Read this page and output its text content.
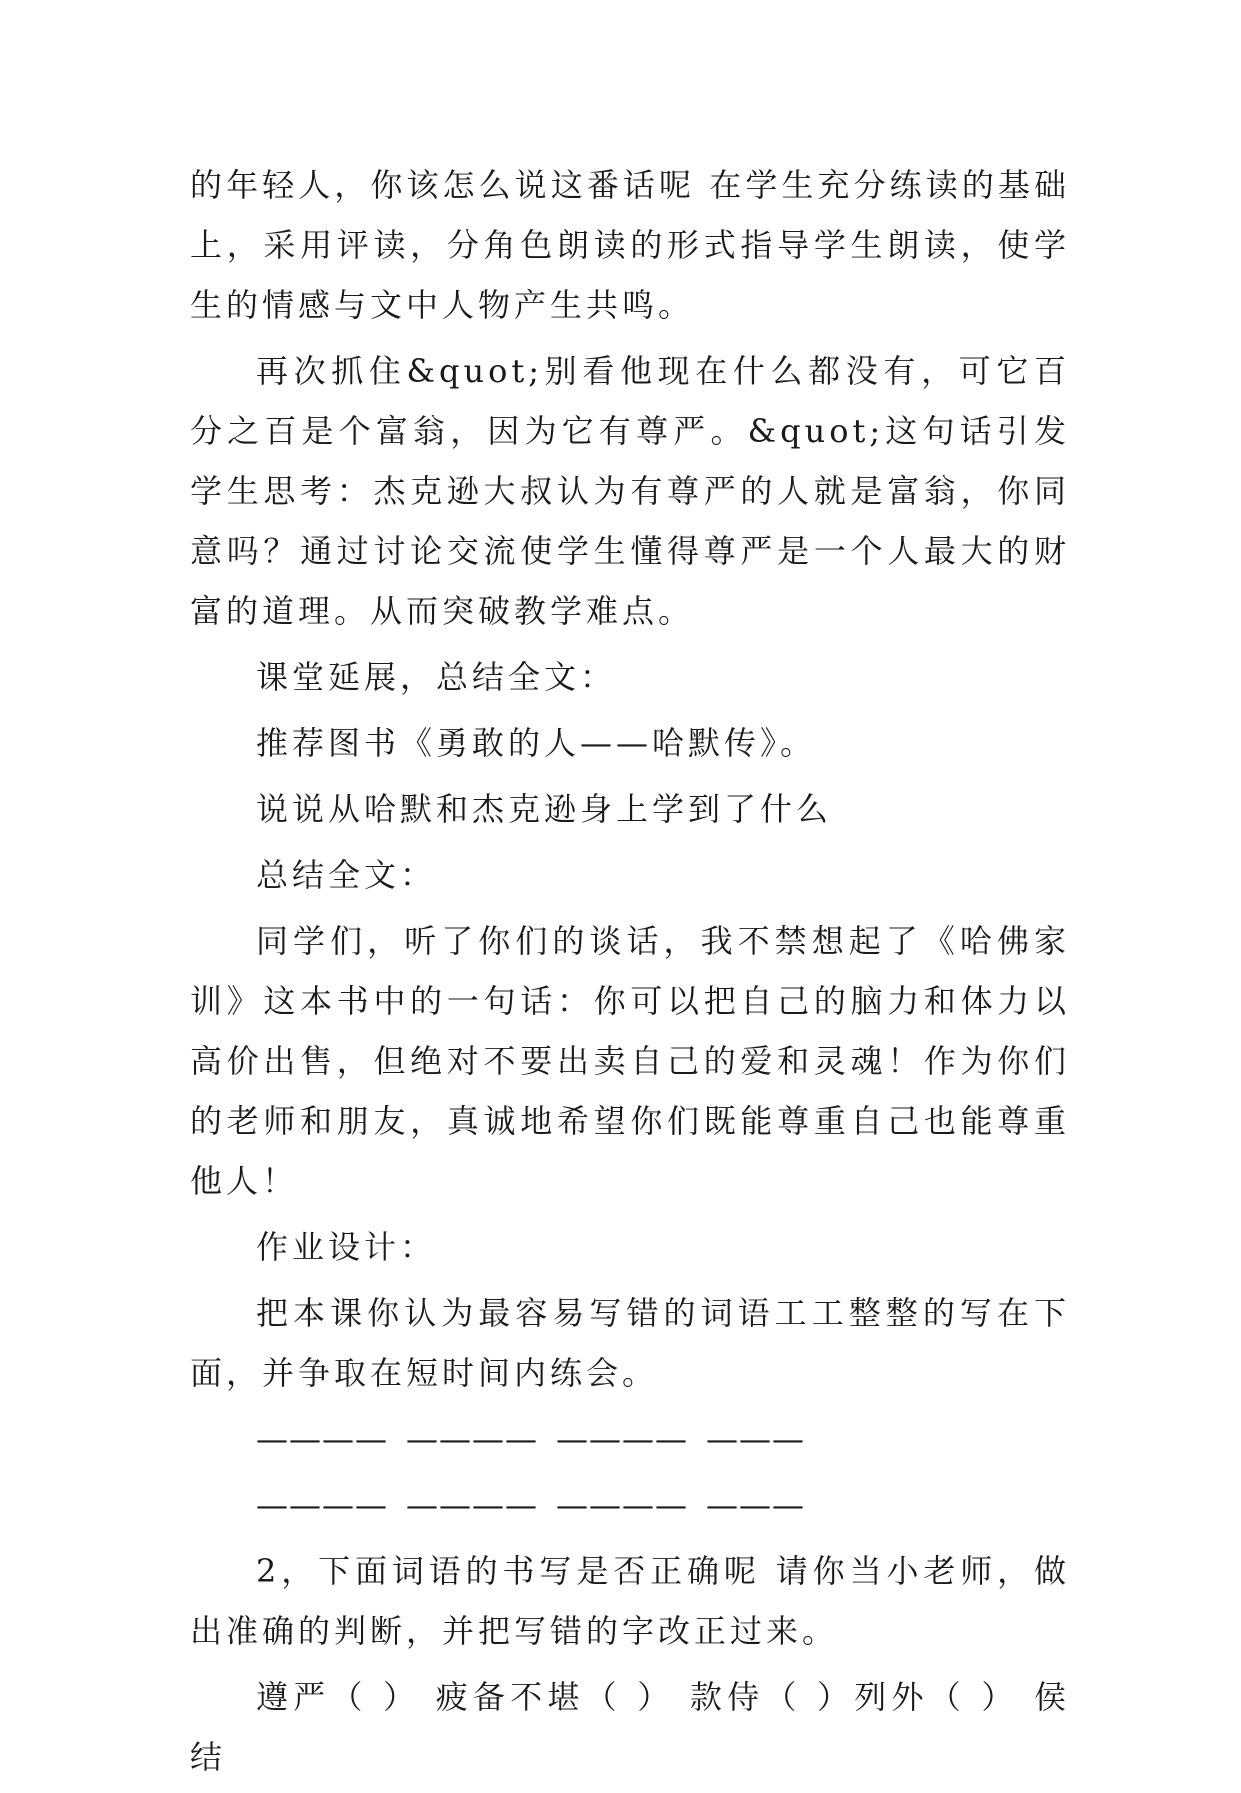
的年轻人，你该怎么说这番话呢 在学生充分练读的基础上，采用评读，分角色朗读的形式指导学生朗读，使学生的情感与文中人物产生共鸣。

再次抓住&quot;别看他现在什么都没有，可它百分之百是个富翁，因为它有尊严。&quot;这句话引发学生思考：杰克逊大叔认为有尊严的人就是富翁，你同意吗？通过讨论交流使学生懂得尊严是一个人最大的财富的道理。从而突破教学难点。

课堂延展，总结全文：

推荐图书《勇敢的人——哈默传》。

说说从哈默和杰克逊身上学到了什么

总结全文：

同学们，听了你们的谈话，我不禁想起了《哈佛家训》这本书中的一句话：你可以把自己的脑力和体力以高价出售，但绝对不要出卖自己的爱和灵魂！作为你们的老师和朋友，真诚地希望你们既能尊重自己也能尊重他人！

作业设计：

把本课你认为最容易写错的词语工工整整的写在下面，并争取在短时间内练会。

———— ———— ———— ———
———— ———— ———— ———

2，下面词语的书写是否正确呢 请你当小老师，做出准确的判断，并把写错的字改正过来。

遵严（ ） 疲备不堪（ ） 款侍（ ）列外（ ） 侯结
